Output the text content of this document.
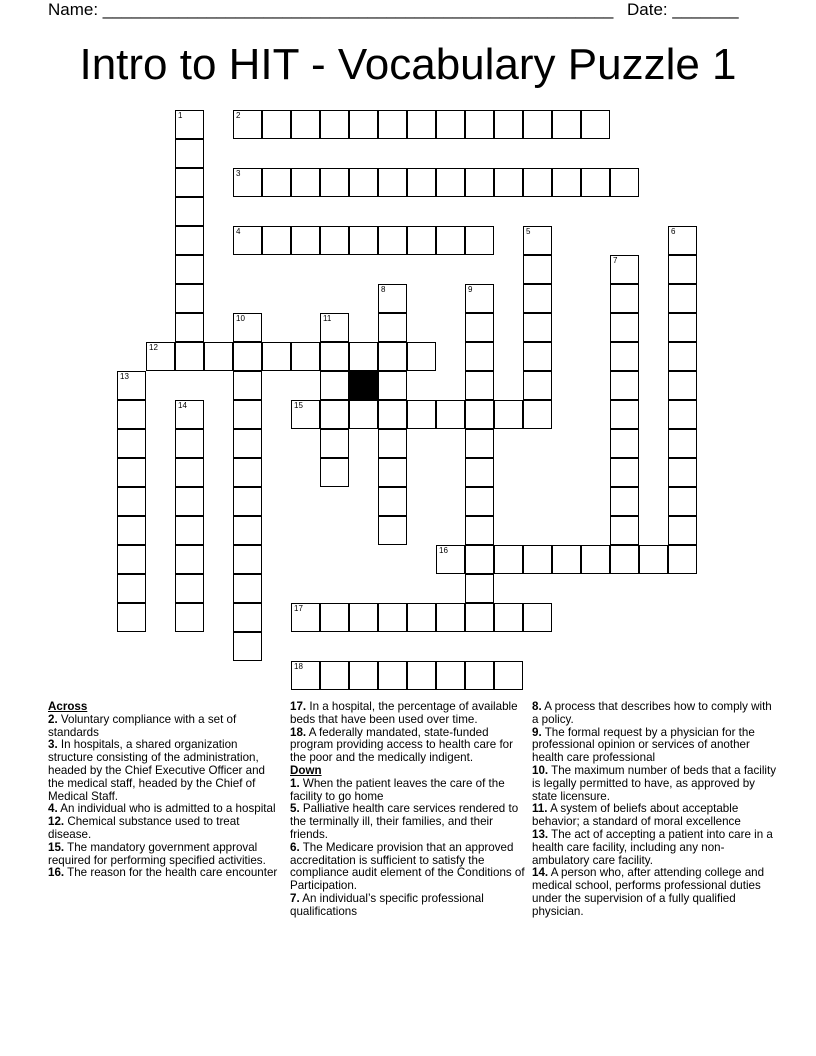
Name: ______________________________________________________ Date: _______
Intro to HIT - Vocabulary Puzzle 1
1	2
3
4	5	6
7
8	9
10	11
12
13
14	15
16
17
18

Across

2. Voluntary compliance with a set of standards

3. In hospitals, a shared organization structure consisting of the administration, headed by the Chief Executive Officer and the medical staff, headed by the Chief of Medical Staff.

4. An individual who is admitted to a hospital

12. Chemical substance used to treat disease.

15. The mandatory government approval required for performing specified activities.

16. The reason for the health care encounter

17. In a hospital, the percentage of available beds that have been used over time.

18. A federally mandated, state-funded program providing access to health care for the poor and the medically indigent.

Down

1. When the patient leaves the care of the facility to go home

5. Palliative health care services rendered to the terminally ill, their families, and their friends.

6. The Medicare provision that an approved accreditation is sufficient to satisfy the compliance audit element of the Conditions of Participation.

7. An individual’s specific professional qualifications

8. A process that describes how to comply with a policy.

9. The formal request by a physician for the professional opinion or services of another health care professional

10. The maximum number of beds that a facility is legally permitted to have, as approved by state licensure.

11. A system of beliefs about acceptable behavior; a standard of moral excellence

13. The act of accepting a patient into care in a health care facility, including any non-ambulatory care facility.

14. A person who, after attending college and medical school, performs professional duties under the supervision of a fully qualified physician.
